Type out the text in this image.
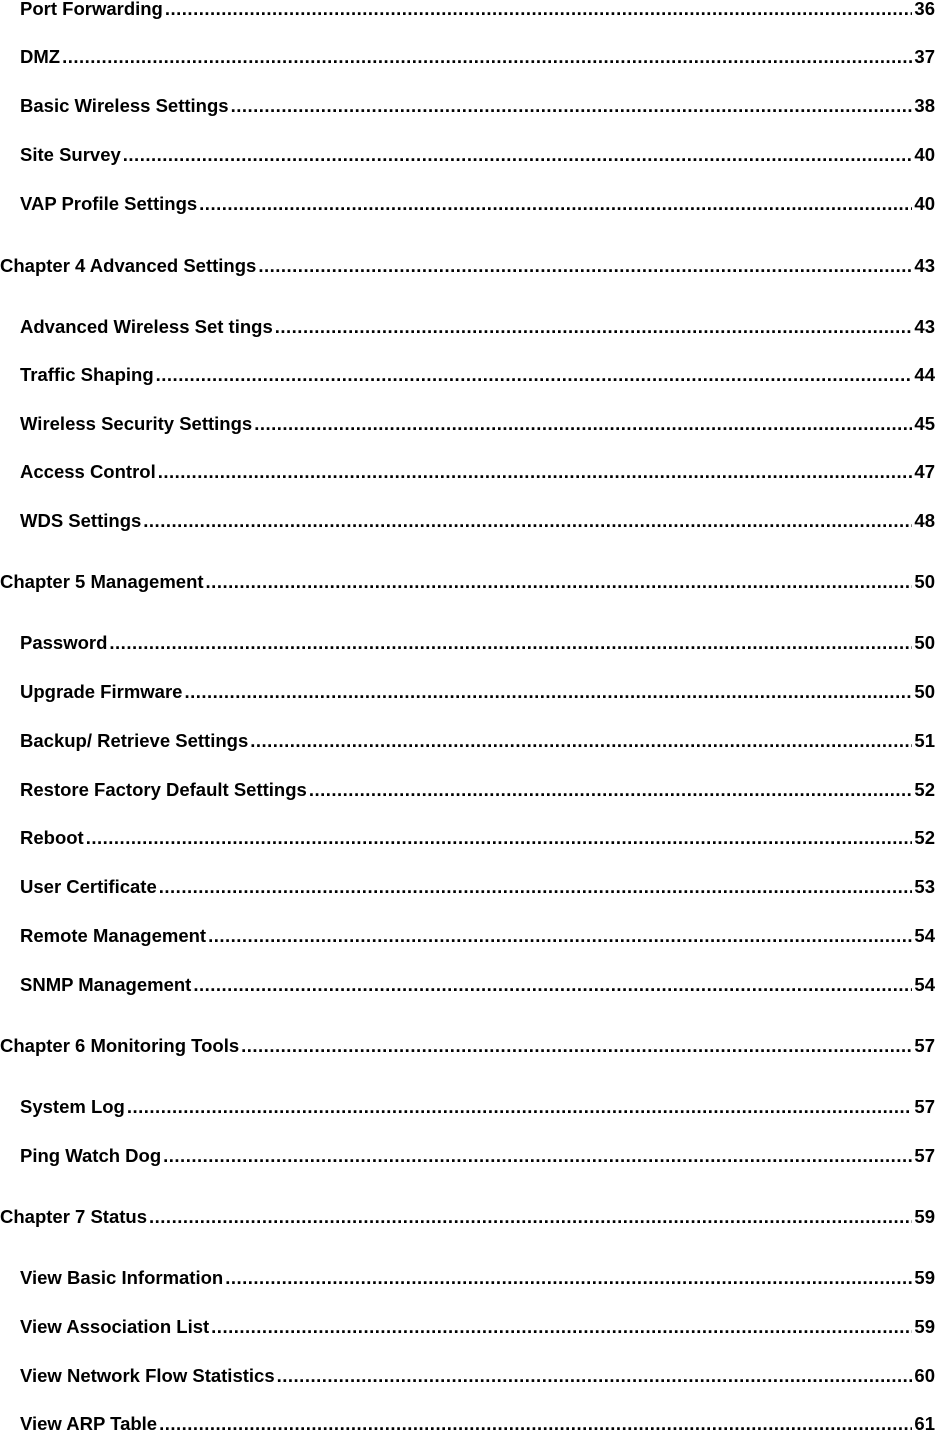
Port Forwarding .....	36
DMZ .....	37
Basic Wireless Settings .....	38
Site Survey .....	40
VAP Profile Settings .....	40
Chapter 4 Advanced Settings .....	43
Advanced Wireless Set tings .....	43
Traffic Shaping .....	44
Wireless Security Settings .....	45
Access Control .....	47
WDS Settings .....	48
Chapter 5 Management .....	50
Password .....	50
Upgrade Firmware .....	50
Backup/ Retrieve Settings .....	51
Restore Factory Default Settings .....	52
Reboot .....	52
User Certificate .....	53
Remote Management .....	54
SNMP Management .....	54
Chapter 6 Monitoring Tools .....	57
System Log .....	57
Ping Watch Dog .....	57
Chapter 7 Status .....	59
View Basic Information .....	59
View Association List .....	59
View Network Flow Statistics .....	60
View ARP Table .....	61
